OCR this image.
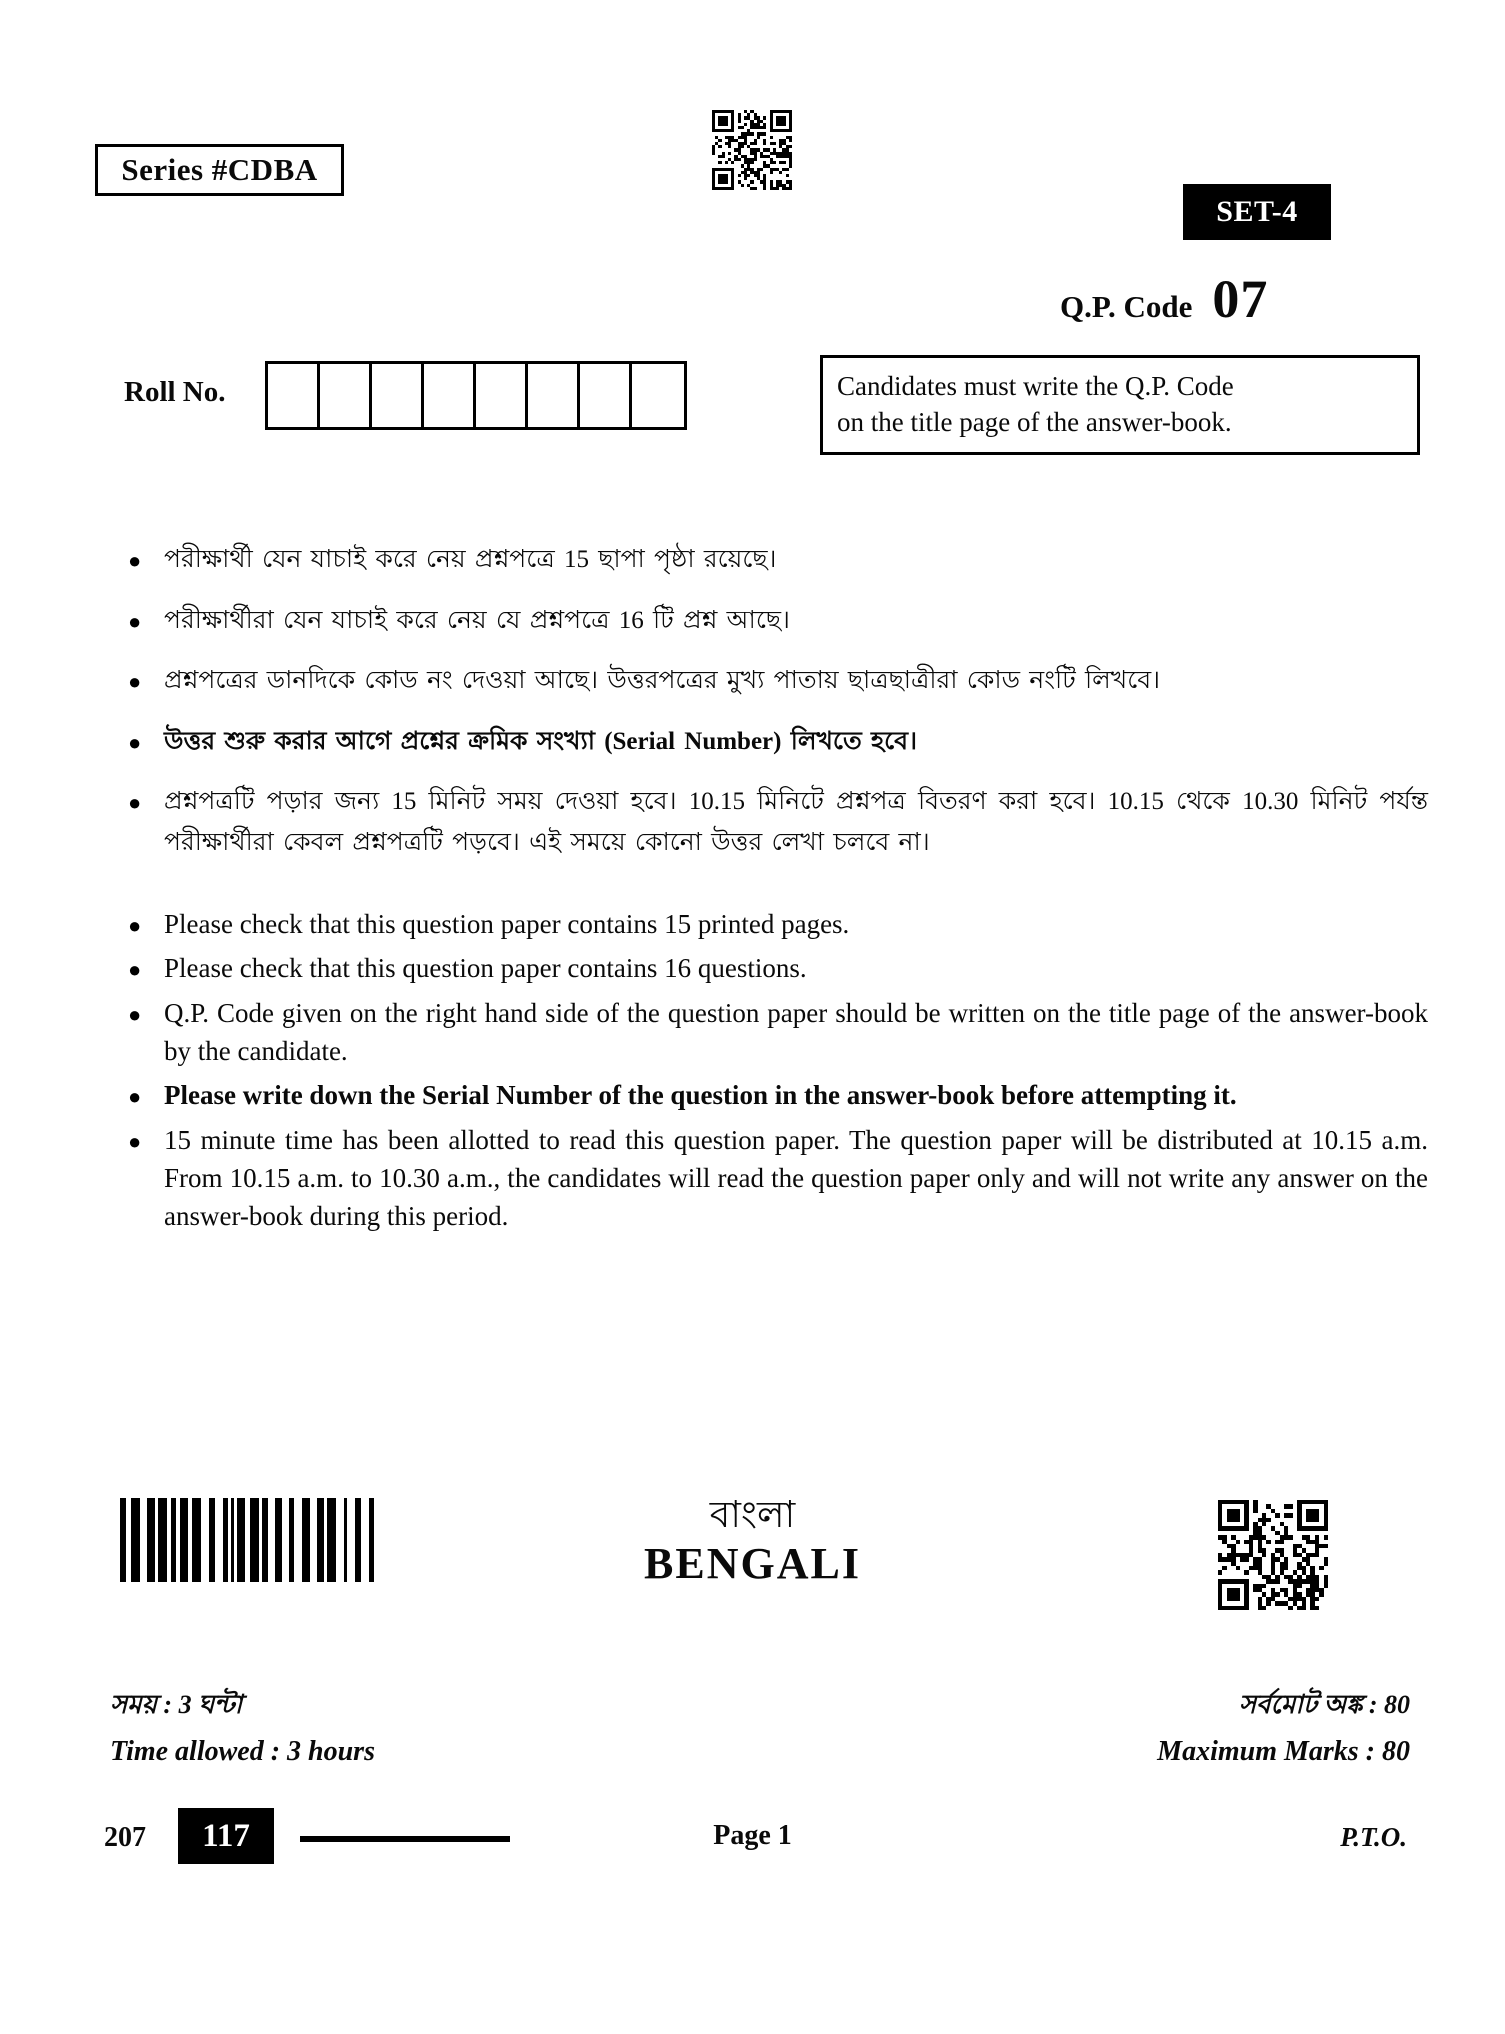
Series #CDBA
SET-4
Q.P. Code 07
Roll No.	Candidates must write the Q.P. Code
on the title page of the answer-book.
● পরীক্ষার্থী যেন যাচাই করে নেয় প্রশ্নপত্রে 15 ছাপা পৃষ্ঠা রয়েছে।
● পরীক্ষার্থীরা যেন যাচাই করে নেয় যে প্রশ্নপত্রে 16 টি প্রশ্ন আছে।
● প্রশ্নপত্রের ডানদিকে কোড নং দেওয়া আছে। উত্তরপত্রের মুখ্য পাতায় ছাত্রছাত্রীরা কোড নংটি লিখবে।
● উত্তর শুরু করার আগে প্রশ্নের ক্রমিক সংখ্যা (Serial Number) লিখতে হবে।
● প্রশ্নপত্রটি পড়ার জন্য 15 মিনিট সময় দেওয়া হবে। 10.15 মিনিটে প্রশ্নপত্র বিতরণ করা হবে। 10.15 থেকে 10.30 মিনিট পর্যন্ত পরীক্ষার্থীরা কেবল প্রশ্নপত্রটি পড়বে। এই সময়ে কোনো উত্তর লেখা চলবে না।
● Please check that this question paper contains 15 printed pages.
● Please check that this question paper contains 16 questions.
● Q.P. Code given on the right hand side of the question paper should be written on the title page of the answer-book by the candidate.
● Please write down the Serial Number of the question in the answer-book before attempting it.
● 15 minute time has been allotted to read this question paper. The question paper will be distributed at 10.15 a.m. From 10.15 a.m. to 10.30 a.m., the candidates will read the question paper only and will not write any answer on the answer-book during this period.
বাংলা
BENGALI
সময় : 3 ঘন্টা
Time allowed : 3 hours
সর্বমোট অঙ্ক : 80
Maximum Marks : 80
207 117	Page 1	P.T.O.
